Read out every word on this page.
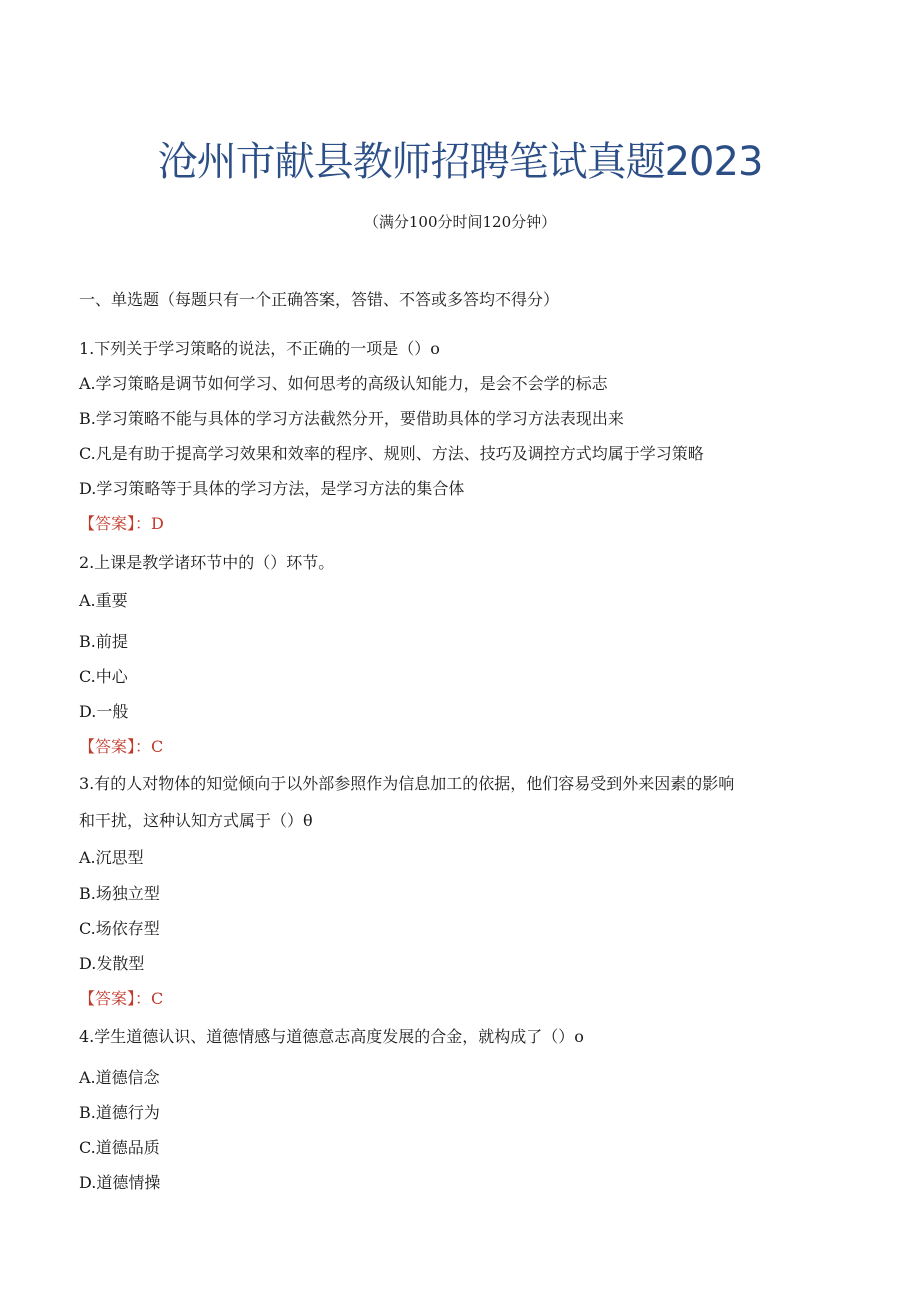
沧州市献县教师招聘笔试真题2023
（满分100分时间120分钟）
一、单选题（每题只有一个正确答案，答错、不答或多答均不得分）
1.下列关于学习策略的说法，不正确的一项是（）o
A.学习策略是调节如何学习、如何思考的高级认知能力，是会不会学的标志
B.学习策略不能与具体的学习方法截然分开，要借助具体的学习方法表现出来
C.凡是有助于提高学习效果和效率的程序、规则、方法、技巧及调控方式均属于学习策略
D.学习策略等于具体的学习方法，是学习方法的集合体
【答案】：D
2.上课是教学诸环节中的（）环节。
A.重要
B.前提
C.中心
D.一般
【答案】：C
3.有的人对物体的知觉倾向于以外部参照作为信息加工的依据，他们容易受到外来因素的影响
和干扰，这种认知方式属于（）θ
A.沉思型
B.场独立型
C.场依存型
D.发散型
【答案】：C
4.学生道德认识、道德情感与道德意志高度发展的合金，就构成了（）o
A.道德信念
B.道德行为
C.道德品质
D.道德情操
